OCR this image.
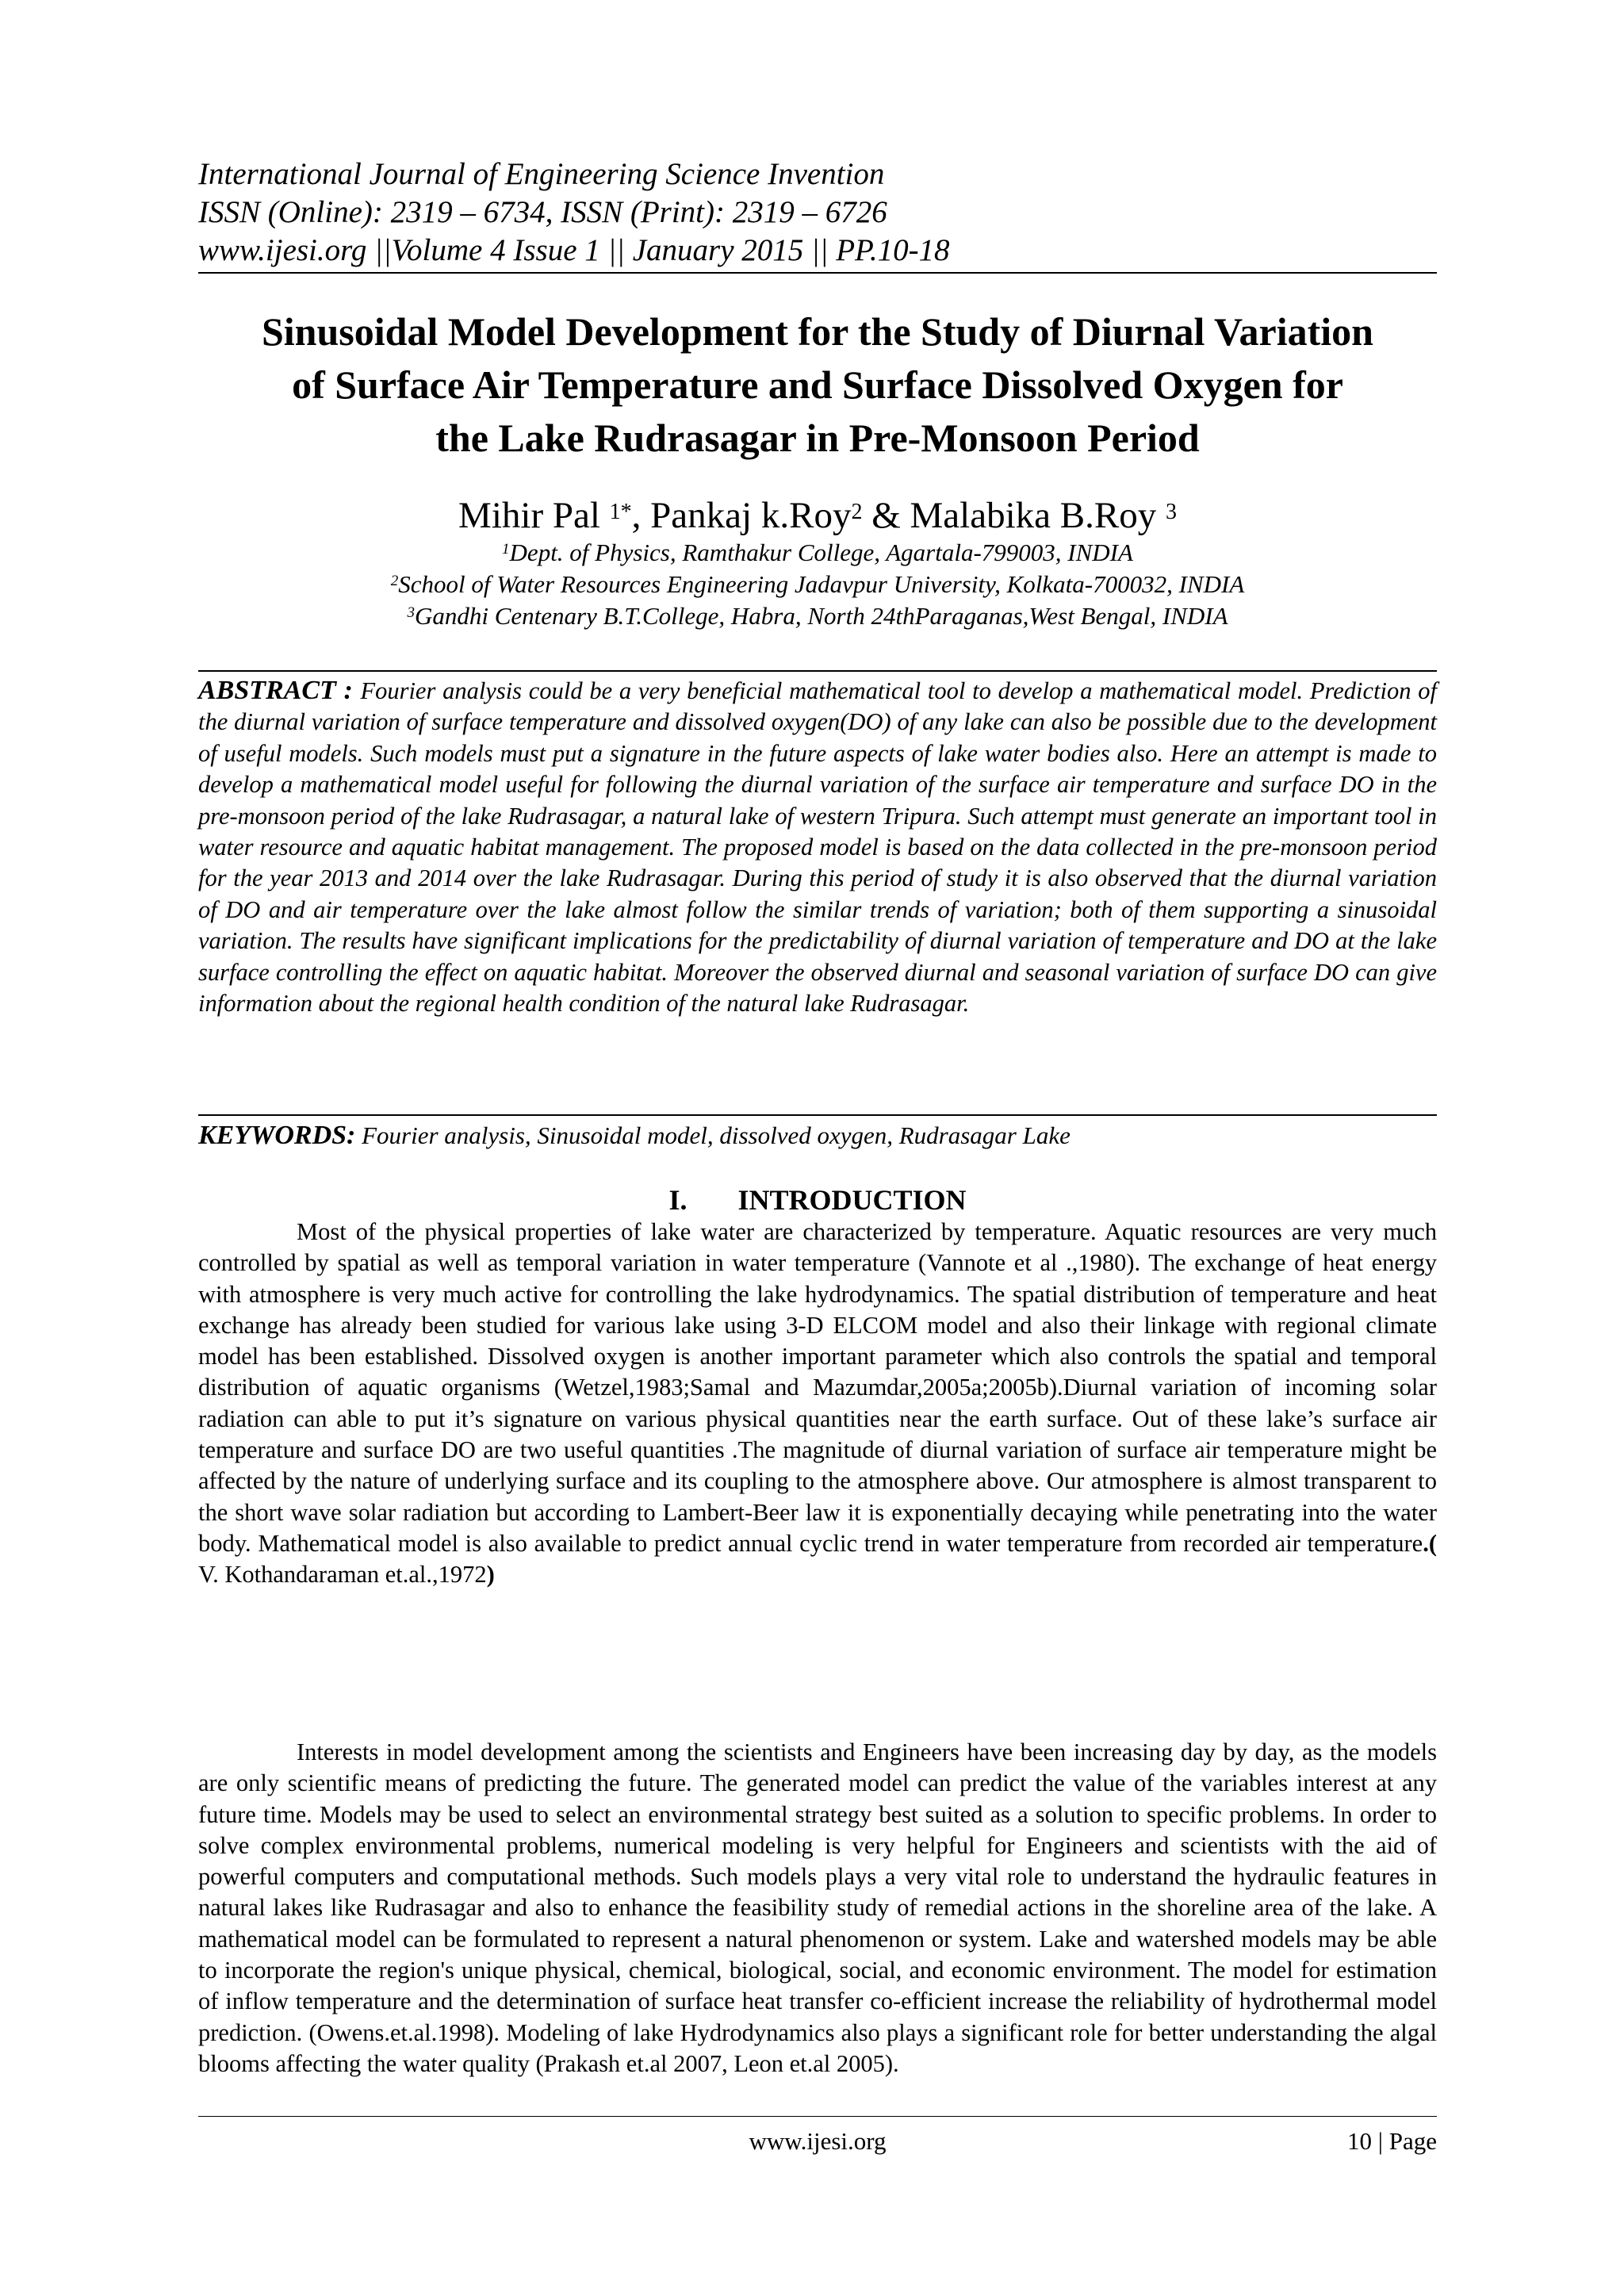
International Journal of Engineering Science Invention
ISSN (Online): 2319 – 6734, ISSN (Print): 2319 – 6726
www.ijesi.org ||Volume 4 Issue 1 || January 2015 || PP.10-18
Sinusoidal Model Development for the Study of Diurnal Variation
of Surface Air Temperature and Surface Dissolved Oxygen for
the Lake Rudrasagar in Pre-Monsoon Period
Mihir Pal $^{1*}$, Pankaj k.Roy$^2$ & Malabika B.Roy $^3$
$^1$Dept. of Physics, Ramthakur College, Agartala-799003, INDIA
$^2$School of Water Resources Engineering Jadavpur University, Kolkata-700032, INDIA
$^3$Gandhi Centenary B.T.College, Habra, North 24thParaganas,West Bengal, INDIA
ABSTRACT : Fourier analysis could be a very beneficial mathematical tool to develop a mathematical model. Prediction of the diurnal variation of surface temperature and dissolved oxygen(DO) of any lake can also be possible due to the development of useful models. Such models must put a signature in the future aspects of lake water bodies also. Here an attempt is made to develop a mathematical model useful for following the diurnal variation of the surface air temperature and surface DO in the pre-monsoon period of the lake Rudrasagar, a natural lake of western Tripura. Such attempt must generate an important tool in water resource and aquatic habitat management. The proposed model is based on the data collected in the pre-monsoon period for the year 2013 and 2014 over the lake Rudrasagar. During this period of study it is also observed that the diurnal variation of DO and air temperature over the lake almost follow the similar trends of variation; both of them supporting a sinusoidal variation. The results have significant implications for the predictability of diurnal variation of temperature and DO at the lake surface controlling the effect on aquatic habitat. Moreover the observed diurnal and seasonal variation of surface DO can give information about the regional health condition of the natural lake Rudrasagar.
KEYWORDS: Fourier analysis, Sinusoidal model, dissolved oxygen, Rudrasagar Lake
I. INTRODUCTION
Most of the physical properties of lake water are characterized by temperature. Aquatic resources are very much controlled by spatial as well as temporal variation in water temperature (Vannote et al .,1980). The exchange of heat energy with atmosphere is very much active for controlling the lake hydrodynamics. The spatial distribution of temperature and heat exchange has already been studied for various lake using 3-D ELCOM model and also their linkage with regional climate model has been established. Dissolved oxygen is another important parameter which also controls the spatial and temporal distribution of aquatic organisms (Wetzel,1983;Samal and Mazumdar,2005a;2005b).Diurnal variation of incoming solar radiation can able to put it’s signature on various physical quantities near the earth surface. Out of these lake’s surface air temperature and surface DO are two useful quantities .The magnitude of diurnal variation of surface air temperature might be affected by the nature of underlying surface and its coupling to the atmosphere above. Our atmosphere is almost transparent to the short wave solar radiation but according to Lambert-Beer law it is exponentially decaying while penetrating into the water body. Mathematical model is also available to predict annual cyclic trend in water temperature from recorded air temperature.( V. Kothandaraman et.al.,1972)
Interests in model development among the scientists and Engineers have been increasing day by day, as the models are only scientific means of predicting the future. The generated model can predict the value of the variables interest at any future time. Models may be used to select an environmental strategy best suited as a solution to specific problems. In order to solve complex environmental problems, numerical modeling is very helpful for Engineers and scientists with the aid of powerful computers and computational methods. Such models plays a very vital role to understand the hydraulic features in natural lakes like Rudrasagar and also to enhance the feasibility study of remedial actions in the shoreline area of the lake. A mathematical model can be formulated to represent a natural phenomenon or system. Lake and watershed models may be able to incorporate the region's unique physical, chemical, biological, social, and economic environment. The model for estimation of inflow temperature and the determination of surface heat transfer co-efficient increase the reliability of hydrothermal model prediction. (Owens.et.al.1998). Modeling of lake Hydrodynamics also plays a significant role for better understanding the algal blooms affecting the water quality (Prakash et.al 2007, Leon et.al 2005).
www.ijesi.org	10 | Page
